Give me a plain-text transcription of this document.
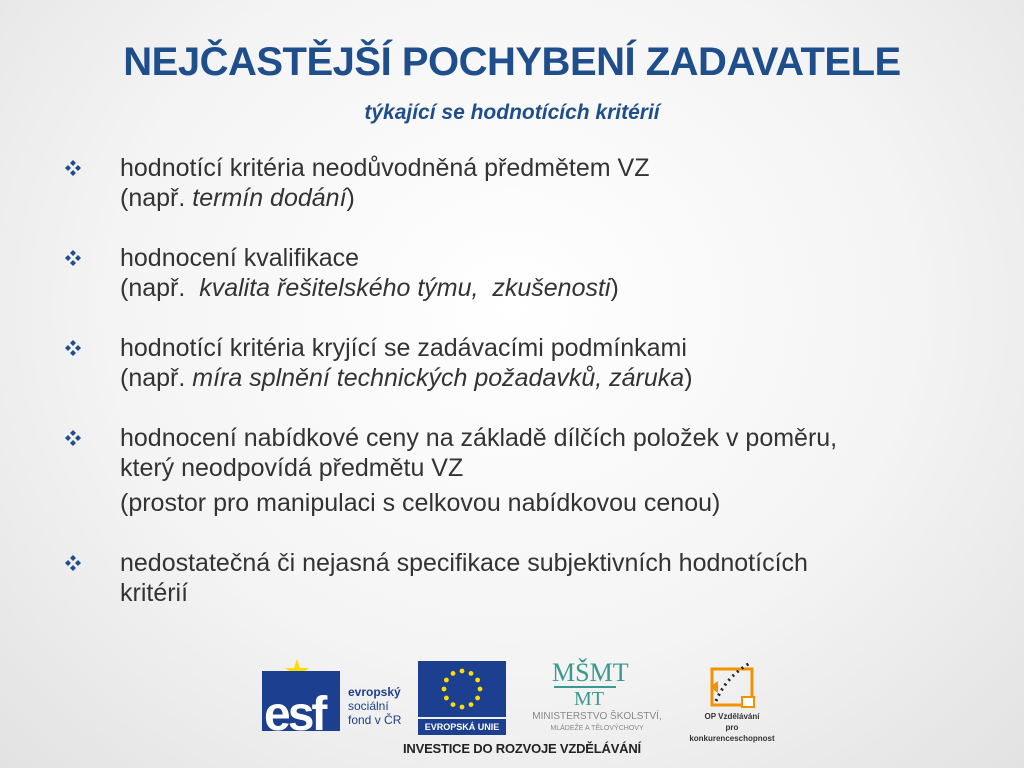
NEJČASTĚJŠÍ POCHYBENÍ ZADAVATELE
týkající se hodnotících kritérií
hodnotící kritéria neodůvodněná předmětem VZ
(např. termín dodání)
hodnocení kvalifikace
(např.  kvalita řešitelského týmu,  zkušenosti)
hodnotící kritéria kryjící se zadávacími podmínkami
(např. míra splnění technických požadavků, záruka)
hodnocení nabídkové ceny na základě dílčích položek v poměru, který neodpovídá předmětu VZ
(prostor pro manipulaci s celkovou nabídkovou cenou)
nedostatečná či nejasná specifikace subjektivních hodnotících kritérií
esf evropský
sociální
fond v ČR	EVROPSKÁ UNIE
MŠMT
MT
MINISTERSTVO ŠKOLSTVÍ,
MLÁDEŽE A TĚLOVÝCHOVY
OP Vzdělávání
pro konkurenceschopnost
INVESTICE DO ROZVOJE VZDĚLÁVÁNÍ
